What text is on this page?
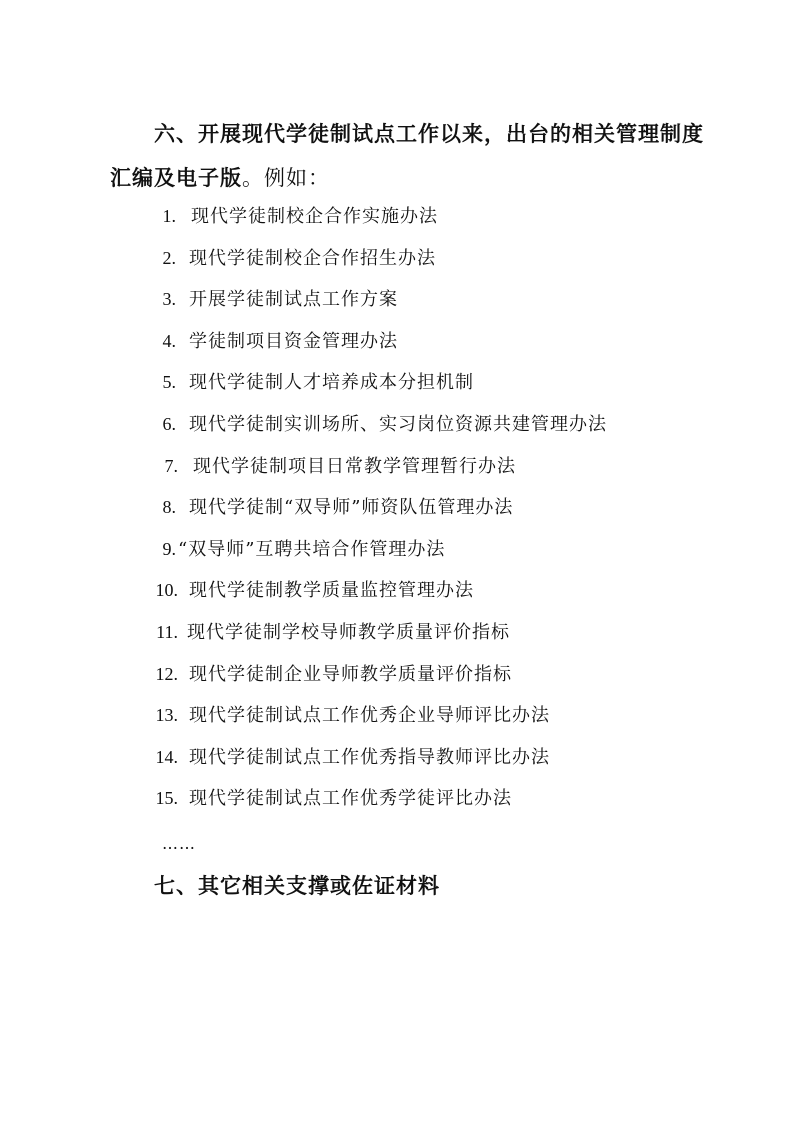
六、开展现代学徒制试点工作以来，出台的相关管理制度汇编及电子版。例如：
1. 现代学徒制校企合作实施办法
2. 现代学徒制校企合作招生办法
3. 开展学徒制试点工作方案
4. 学徒制项目资金管理办法
5. 现代学徒制人才培养成本分担机制
6. 现代学徒制实训场所、实习岗位资源共建管理办法
7. 现代学徒制项目日常教学管理暂行办法
8. 现代学徒制“双导师”师资队伍管理办法
9. “双导师”互聘共培合作管理办法
10. 现代学徒制教学质量监控管理办法
11. 现代学徒制学校导师教学质量评价指标
12. 现代学徒制企业导师教学质量评价指标
13. 现代学徒制试点工作优秀企业导师评比办法
14. 现代学徒制试点工作优秀指导教师评比办法
15. 现代学徒制试点工作优秀学徒评比办法
……
七、其它相关支撑或佐证材料
